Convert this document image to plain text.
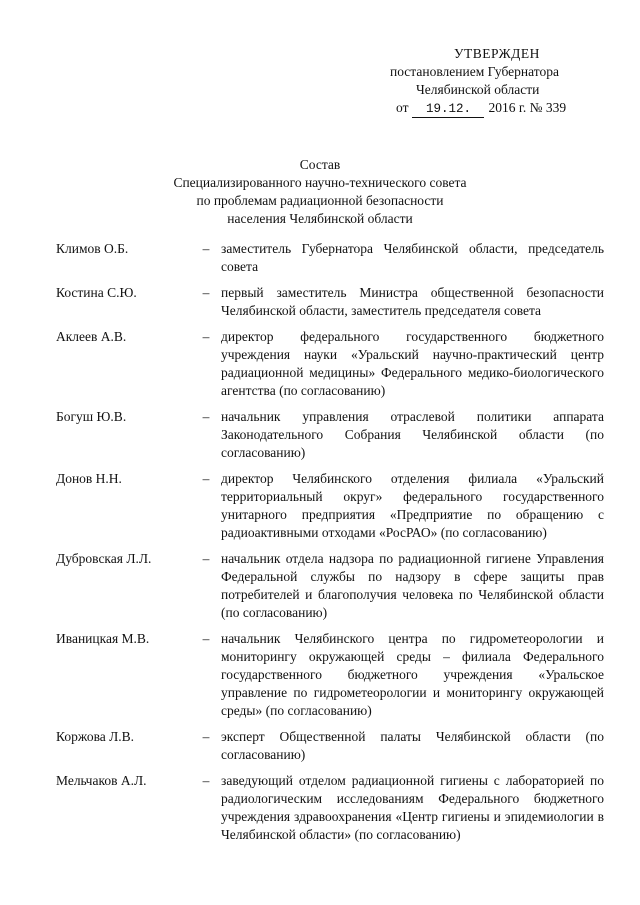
УТВЕРЖДЕН
постановлением Губернатора
Челябинской области
от 19.12. 2016 г. № 339
Состав
Специализированного научно-технического совета
по проблемам радиационной безопасности
населения Челябинской области
Климов О.Б.	– заместитель Губернатора Челябинской области, председатель совета
Костина С.Ю.	– первый заместитель Министра общественной безопасности Челябинской области, заместитель председателя совета
Аклеев А.В.	– директор федерального государственного бюджетного учреждения науки «Уральский научно-практический центр радиационной медицины» Федерального медико-биологического агентства (по согласованию)
Богуш Ю.В.	– начальник управления отраслевой политики аппарата Законодательного Собрания Челябинской области (по согласованию)
Донов Н.Н.	– директор Челябинского отделения филиала «Уральский территориальный округ» федерального государственного унитарного предприятия «Предприятие по обращению с радиоактивными отходами «РосРАО» (по согласованию)
Дубровская Л.Л.	– начальник отдела надзора по радиационной гигиене Управления Федеральной службы по надзору в сфере защиты прав потребителей и благополучия человека по Челябинской области (по согласованию)
Иваницкая М.В.	– начальник Челябинского центра по гидрометеорологии и мониторингу окружающей среды – филиала Федерального государственного бюджетного учреждения «Уральское управление по гидрометеорологии и мониторингу окружающей среды» (по согласованию)
Коржова Л.В.	– эксперт Общественной палаты Челябинской области (по согласованию)
Мельчаков А.Л.	– заведующий отделом радиационной гигиены с лабораторией по радиологическим исследованиям Федерального бюджетного учреждения здравоохранения «Центр гигиены и эпидемиологии в Челябинской области» (по согласованию)
